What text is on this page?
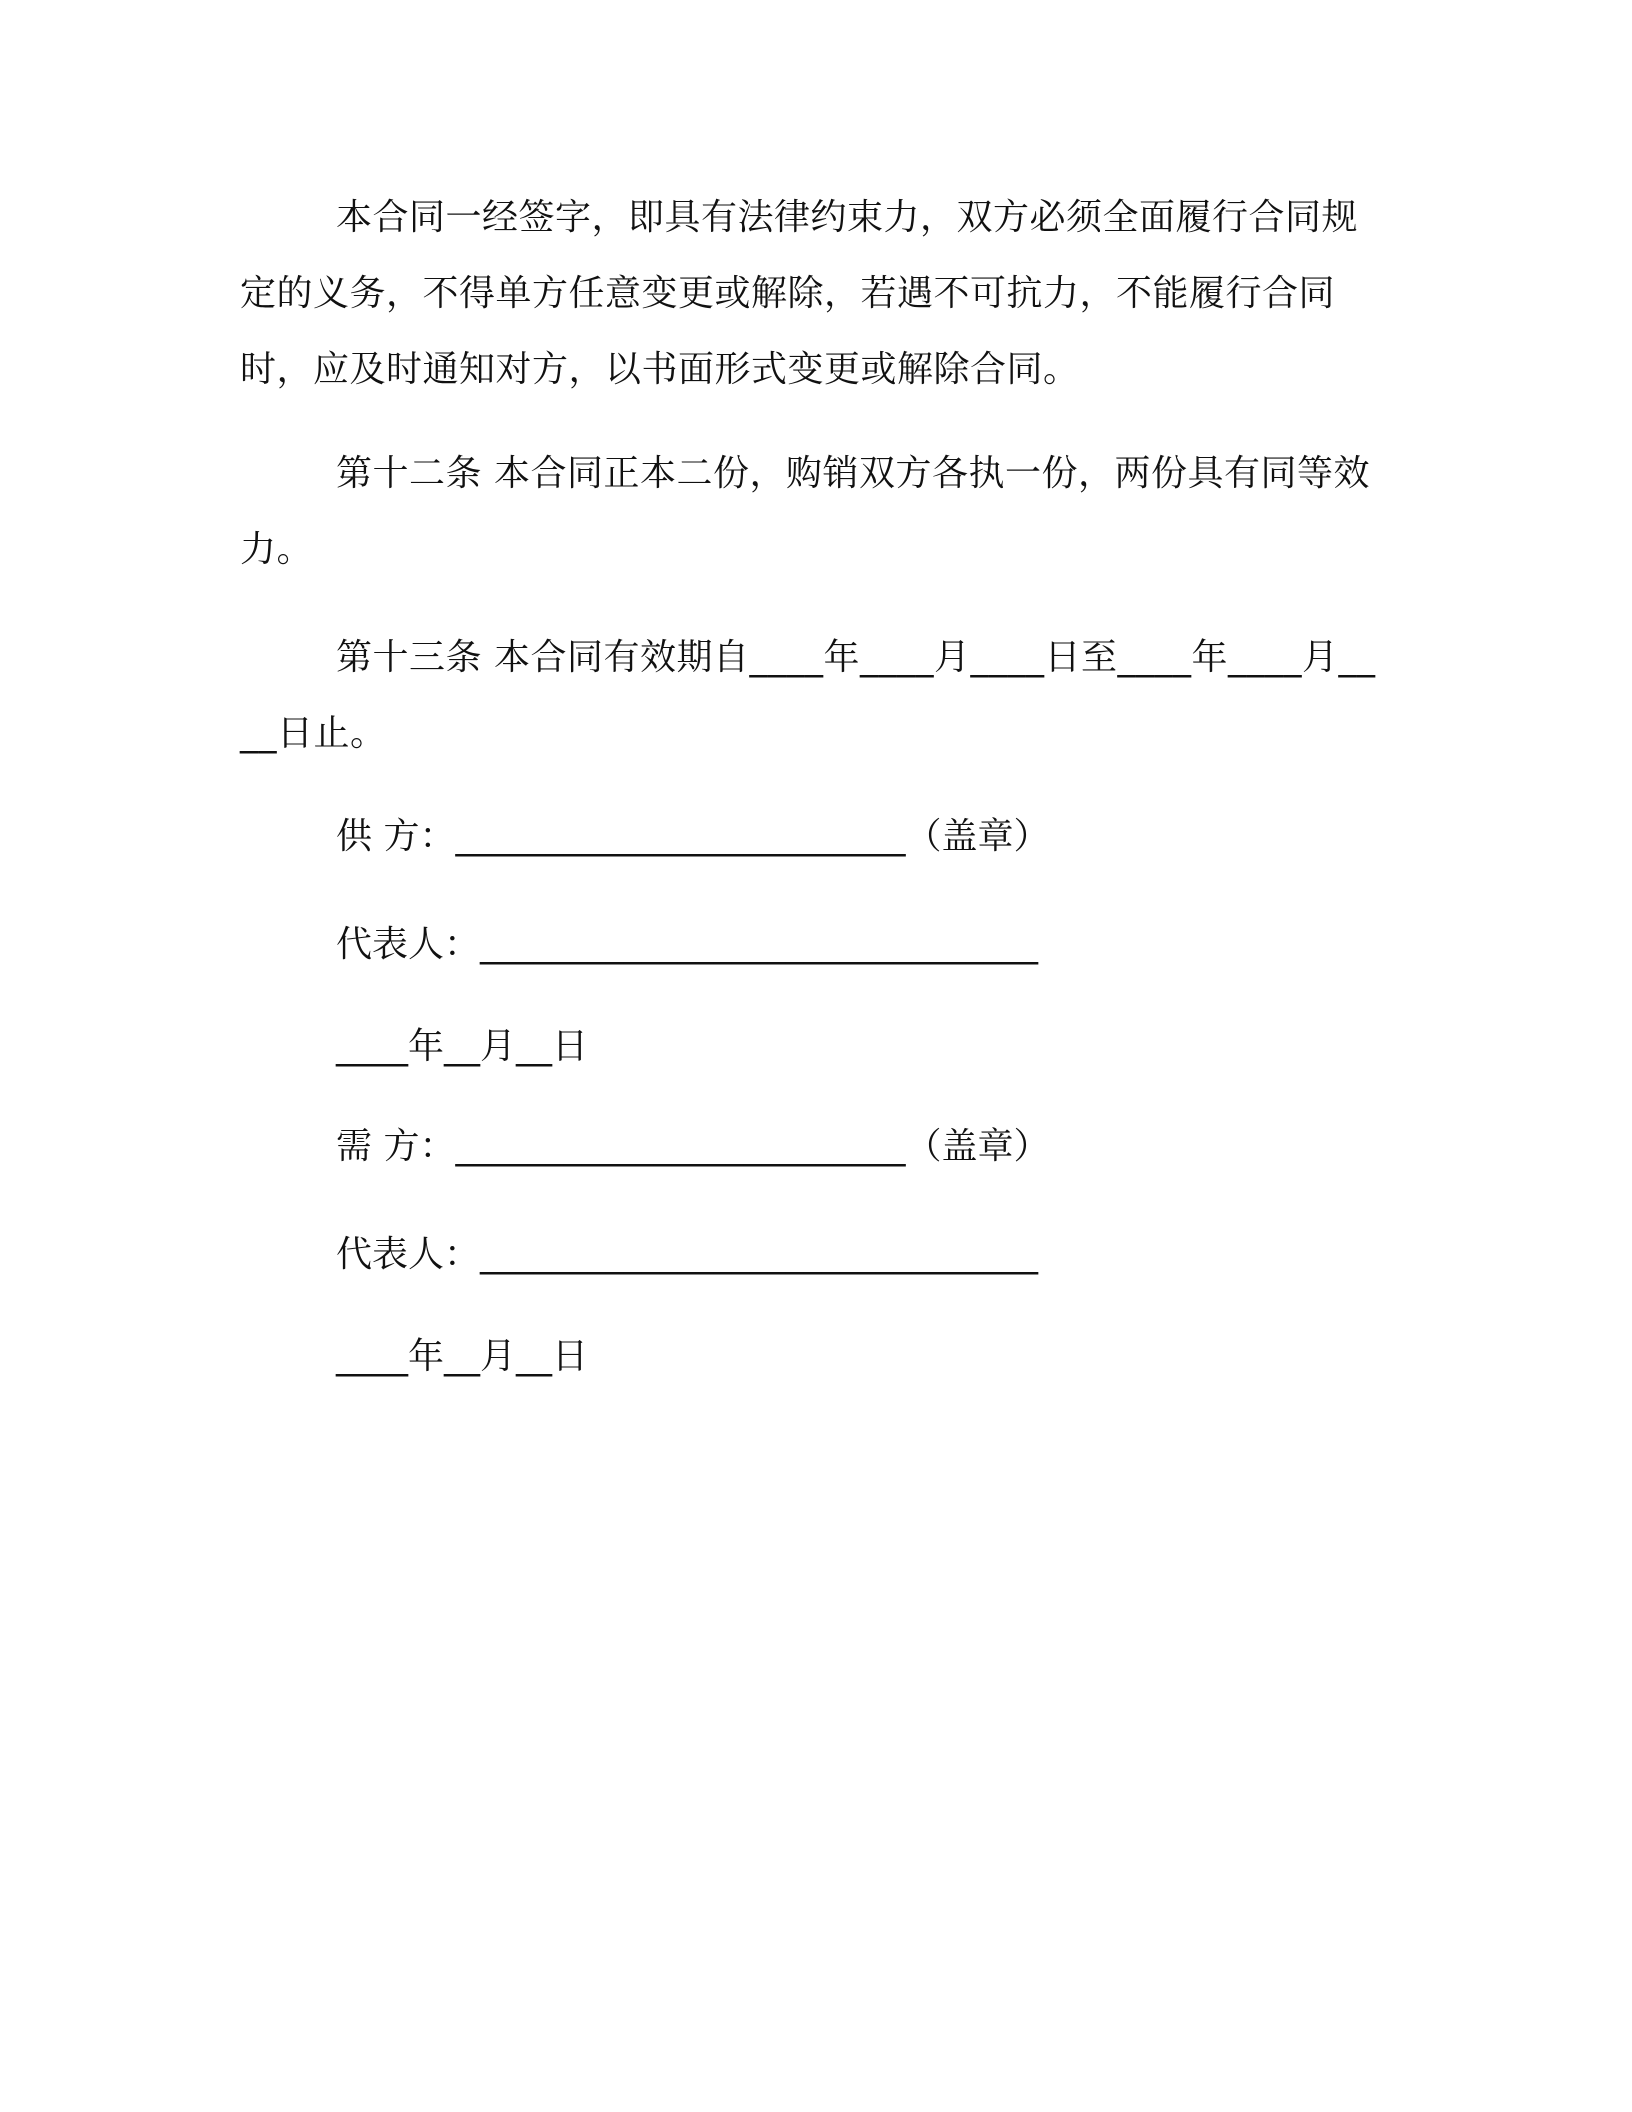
本合同一经签字，即具有法律约束力，双方必须全面履行合同规定的义务，不得单方任意变更或解除，若遇不可抗力，不能履行合同时，应及时通知对方，以书面形式变更或解除合同。

第十二条 本合同正本二份，购销双方各执一份，两份具有同等效力。

第十三条 本合同有效期自____年____月____日至____年____月____日止。

供 方：_________________________（盖章）

代表人：_______________________________

____年__月__日

需 方：_________________________（盖章）

代表人：_______________________________

____年__月__日
